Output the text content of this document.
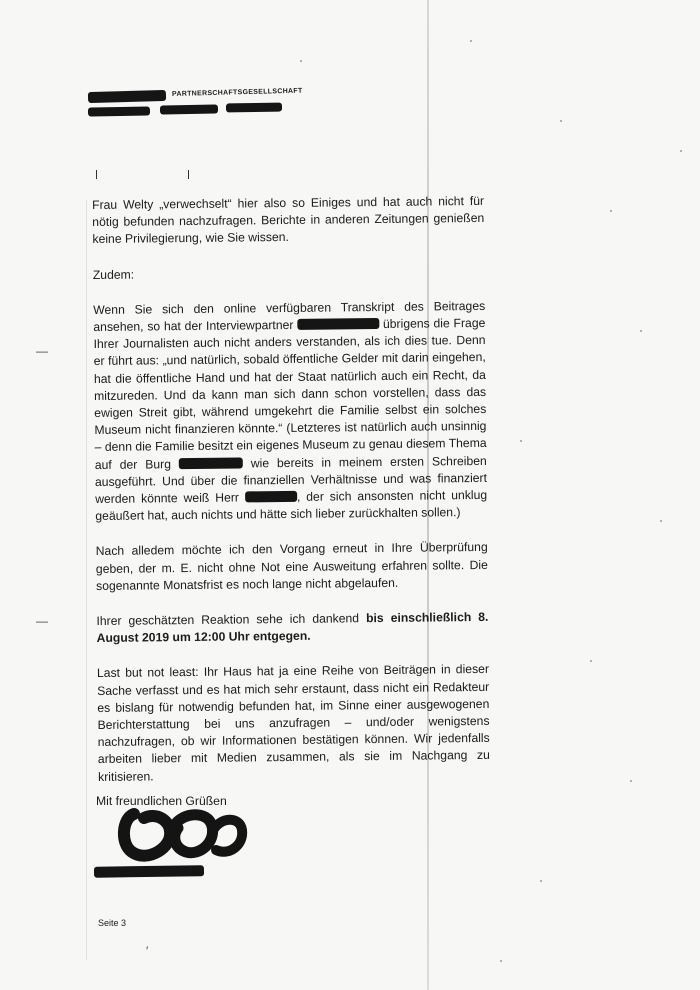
PARTNERSCHAFTSGESELLSCHAFT
—
—
′

Frau Welty „verwechselt“ hier also so Einiges und hat auch nicht für nötig befunden nachzufragen. Berichte in anderen Zeitungen genießen keine Privilegierung, wie Sie wissen.

Zudem:

Wenn Sie sich den online verfügbaren Transkript des Beitrages ansehen, so hat der Interviewpartner	übrigens die Frage Ihrer Journalisten auch nicht anders verstanden, als ich dies tue. Denn er führt aus: „und natürlich, sobald öffentliche Gelder mit darin eingehen, hat die öffentliche Hand und hat der Staat natürlich auch ein Recht, da mitzureden. Und da kann man sich dann schon vorstellen, dass das ewigen Streit gibt, während umgekehrt die Familie selbst ein solches Museum nicht finanzieren könnte.“ (Letzteres ist natürlich auch unsinnig – denn die Familie besitzt ein eigenes Museum zu genau diesem Thema auf der Burg	wie bereits in meinem ersten Schreiben ausgeführt. Und über die finanziellen Verhältnisse und was finanziert werden könnte weiß Herr	, der sich ansonsten nicht unklug geäußert hat, auch nichts und hätte sich lieber zurückhalten sollen.)

Nach alledem möchte ich den Vorgang erneut in Ihre Überprüfung geben, der m. E. nicht ohne Not eine Ausweitung erfahren sollte. Die sogenannte Monatsfrist es noch lange nicht abgelaufen.

Ihrer geschätzten Reaktion sehe ich dankend bis einschließlich 8. August 2019 um 12:00 Uhr entgegen.

Last but not least: Ihr Haus hat ja eine Reihe von Beiträgen in dieser Sache verfasst und es hat mich sehr erstaunt, dass nicht ein Redakteur es bislang für notwendig befunden hat, im Sinne einer ausgewogenen Berichterstattung bei uns anzufragen – und/oder wenigstens nachzufragen, ob wir Informationen bestätigen können. Wir jedenfalls arbeiten lieber mit Medien zusammen, als sie im Nachgang zu kritisieren.

Mit freundlichen Grüßen
Seite 3
